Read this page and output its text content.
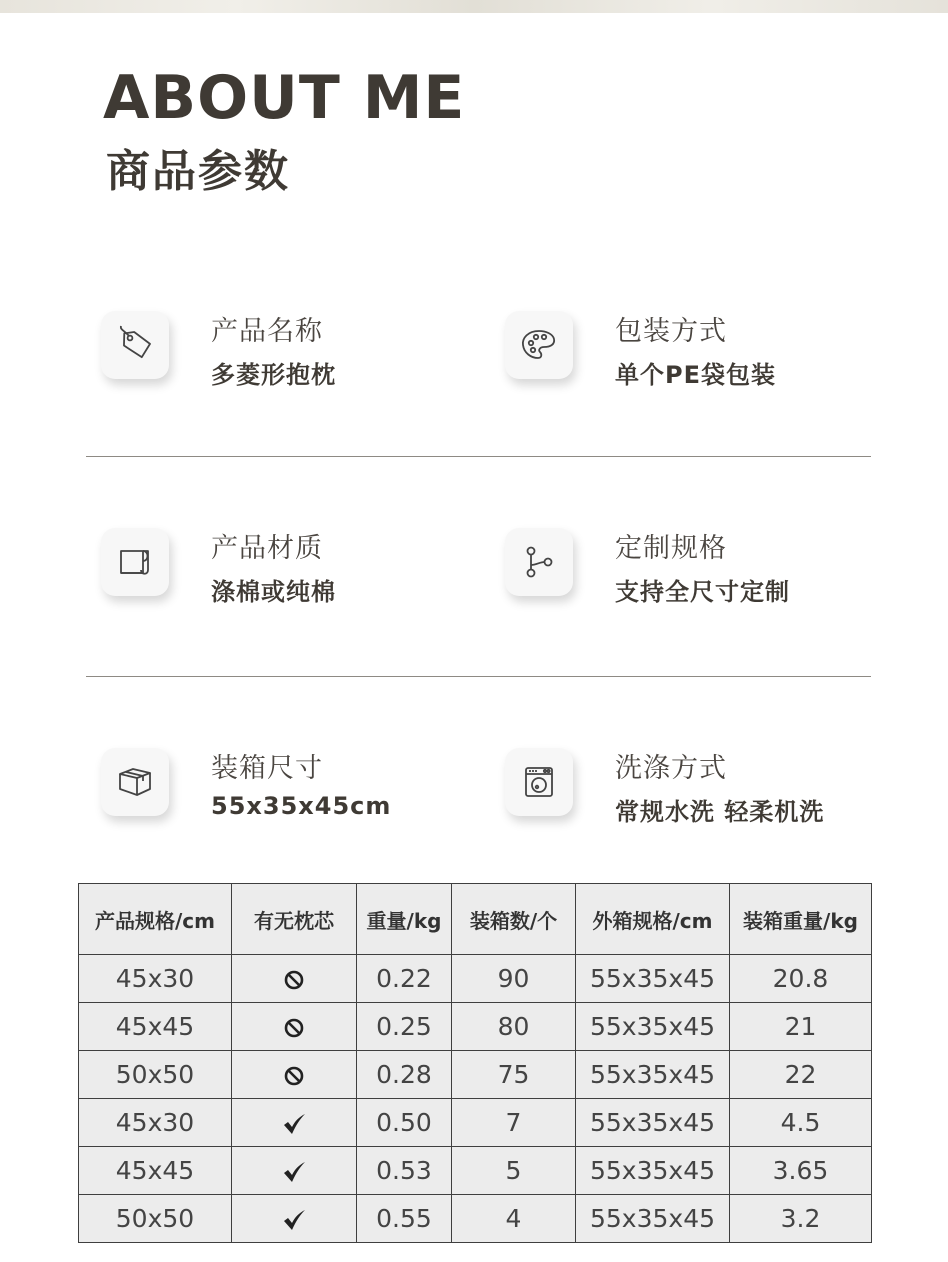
ABOUT ME
商品参数

产品名称

多菱形抱枕

包装方式

单个PE袋包装

产品材质

涤棉或纯棉

定制规格

支持全尺寸定制

装箱尺寸

55x35x45cm

洗涤方式

常规水洗 轻柔机洗

产品规格/cm	有无枕芯	重量/kg	装箱数/个	外箱规格/cm	装箱重量/kg
45x30		0.22	90	55x35x45	20.8
45x45		0.25	80	55x35x45	21
50x50		0.28	75	55x35x45	22
45x30		0.50	7	55x35x45	4.5
45x45		0.53	5	55x35x45	3.65
50x50		0.55	4	55x35x45	3.2
